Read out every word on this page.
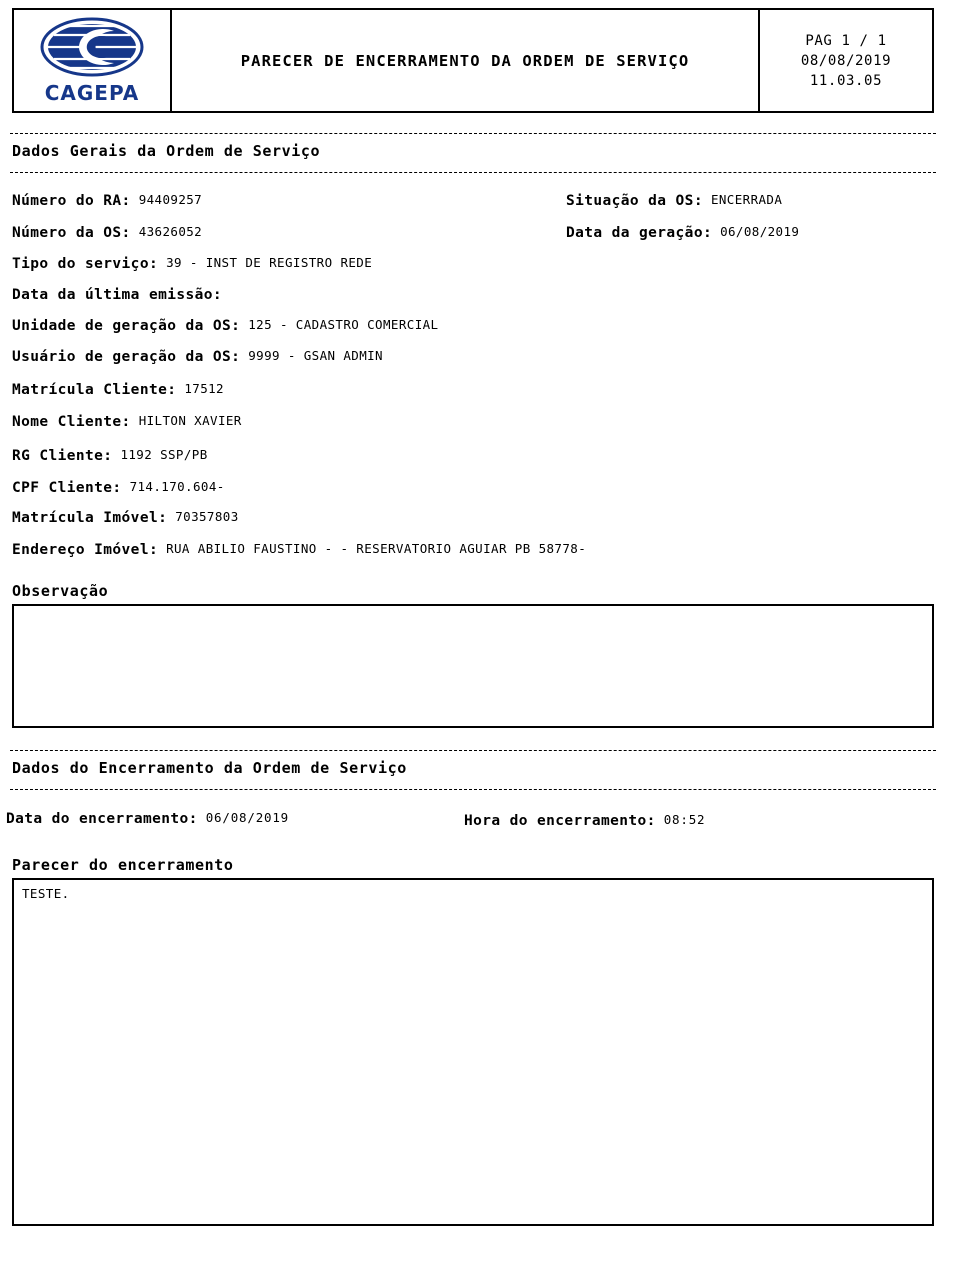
CAGEPA
PARECER DE ENCERRAMENTO DA ORDEM DE SERVIÇO
PAG 1 / 1
08/08/2019
11.03.05
Dados Gerais da Ordem de Serviço
Número do RA: 94409257	Situação da OS: ENCERRADA
Número da OS: 43626052	Data da geração: 06/08/2019
Tipo do serviço: 39 - INST DE REGISTRO REDE
Data da última emissão:
Unidade de geração da OS: 125 - CADASTRO COMERCIAL
Usuário de geração da OS: 9999 - GSAN ADMIN
Matrícula Cliente: 17512
Nome Cliente: HILTON XAVIER
RG Cliente: 1192 SSP/PB
CPF Cliente: 714.170.604-
Matrícula Imóvel: 70357803
Endereço Imóvel: RUA ABILIO FAUSTINO - - RESERVATORIO AGUIAR PB 58778-
Observação
Dados do Encerramento da Ordem de Serviço
Data do encerramento: 06/08/2019	Hora do encerramento: 08:52
Parecer do encerramento
TESTE.
